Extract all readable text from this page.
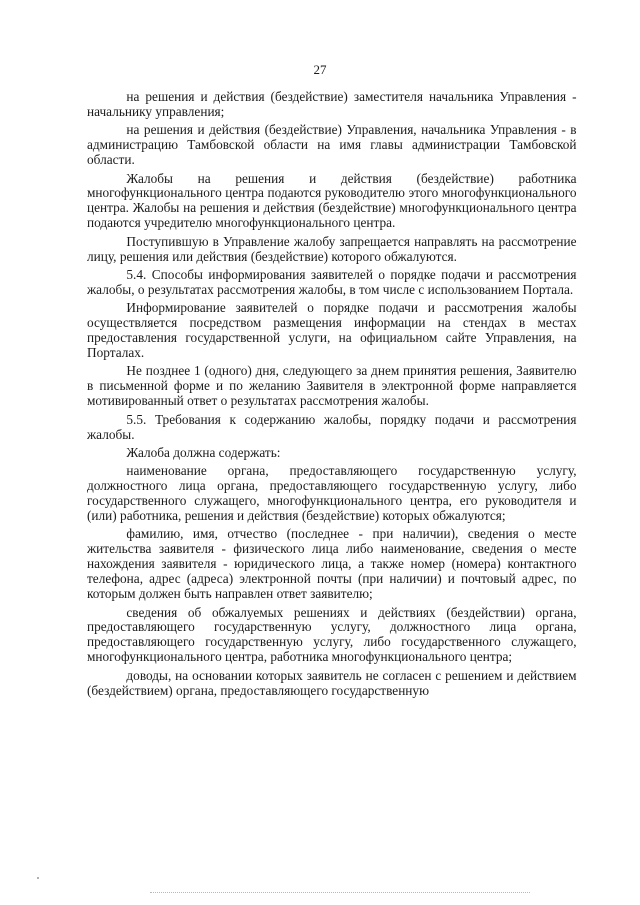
27

на решения и действия (бездействие) заместителя начальника Управления - начальнику управления;

на решения и действия (бездействие) Управления, начальника Управления - в администрацию Тамбовской области на имя главы администрации Тамбовской области.

Жалобы на решения и действия (бездействие) работника многофункционального центра подаются руководителю этого многофункционального центра. Жалобы на решения и действия (бездействие) многофункционального центра подаются учредителю многофункционального центра.

Поступившую в Управление жалобу запрещается направлять на рассмотрение лицу, решения или действия (бездействие) которого обжалуются.

5.4. Способы информирования заявителей о порядке подачи и рассмотрения жалобы, о результатах рассмотрения жалобы, в том числе с использованием Портала.

Информирование заявителей о порядке подачи и рассмотрения жалобы осуществляется посредством размещения информации на стендах в местах предоставления государственной услуги, на официальном сайте Управления, на Порталах.

Не позднее 1 (одного) дня, следующего за днем принятия решения, Заявителю в письменной форме и по желанию Заявителя в электронной форме направляется мотивированный ответ о результатах рассмотрения жалобы.

5.5. Требования к содержанию жалобы, порядку подачи и рассмотрения жалобы.

Жалоба должна содержать:

наименование органа, предоставляющего государственную услугу, должностного лица органа, предоставляющего государственную услугу, либо государственного служащего, многофункционального центра, его руководителя и (или) работника, решения и действия (бездействие) которых обжалуются;

фамилию, имя, отчество (последнее - при наличии), сведения о месте жительства заявителя - физического лица либо наименование, сведения о месте нахождения заявителя - юридического лица, а также номер (номера) контактного телефона, адрес (адреса) электронной почты (при наличии) и почтовый адрес, по которым должен быть направлен ответ заявителю;

сведения об обжалуемых решениях и действиях (бездействии) органа, предоставляющего государственную услугу, должностного лица органа, предоставляющего государственную услугу, либо государственного служащего, многофункционального центра, работника многофункционального центра;

доводы, на основании которых заявитель не согласен с решением и действием (бездействием) органа, предоставляющего государственную
